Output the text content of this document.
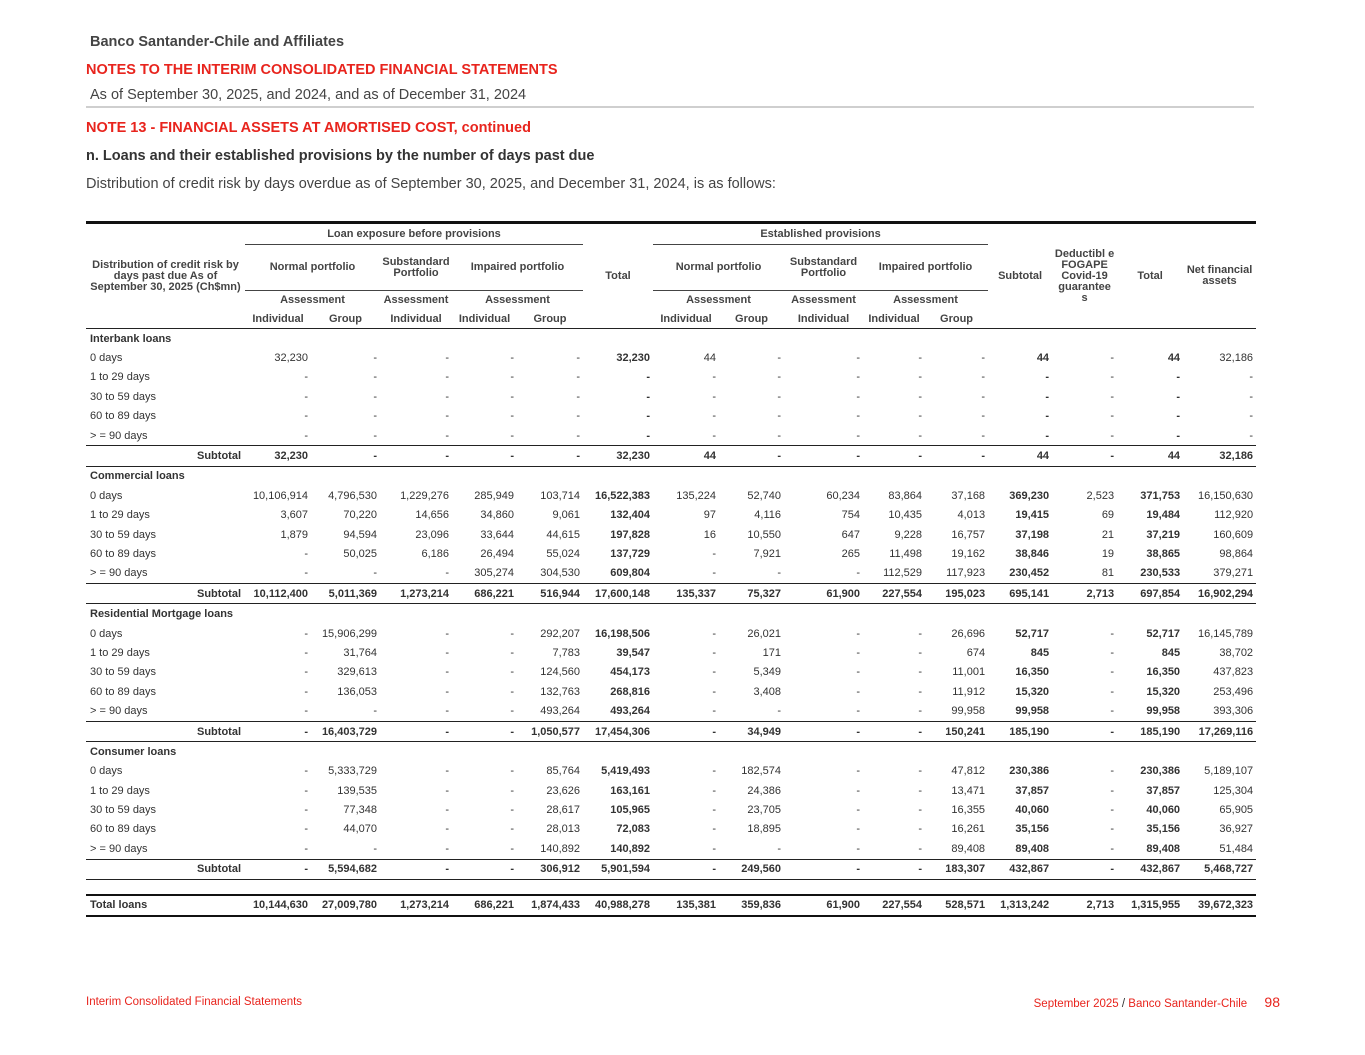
Banco Santander-Chile and Affiliates
NOTES TO THE INTERIM CONSOLIDATED FINANCIAL STATEMENTS
As of September 30, 2025, and 2024, and as of December 31, 2024
NOTE 13 - FINANCIAL ASSETS AT AMORTISED COST, continued
n. Loans and their established provisions by the number of days past due
Distribution of credit risk by days overdue as of September 30, 2025, and December 31, 2024, is as follows:
Distribution of credit risk by days past due As of September 30, 2025 (Ch$mn)	Loan exposure before provisions					Total	Established provisions					Subtotal	Deductibl e FOGAPE Covid-19 guarantee s	Total	Net financial assets
	Normal portfolio		Substandard Portfolio	Impaired portfolio			Normal portfolio		Substandard Portfolio	Impaired portfolio					
	Assessment		Assessment	Assessment			Assessment		Assessment	Assessment					
	Individual	Group	Individual	Individual	Group		Individual	Group	Individual	Individual	Group				
Interbank loans															
0 days	32,230	-	-	-	-	32,230	44	-	-	-	-	44	-	44	32,186
1 to 29 days	-	-	-	-	-	-	-	-	-	-	-	-	-	-	-
30 to 59 days	-	-	-	-	-	-	-	-	-	-	-	-	-	-	-
60 to 89 days	-	-	-	-	-	-	-	-	-	-	-	-	-	-	-
> = 90 days	-	-	-	-	-	-	-	-	-	-	-	-	-	-	-
Subtotal	32,230	-	-	-	-	32,230	44	-	-	-	-	44	-	44	32,186
Commercial loans															
0 days	10,106,914	4,796,530	1,229,276	285,949	103,714	16,522,383	135,224	52,740	60,234	83,864	37,168	369,230	2,523	371,753	16,150,630
1 to 29 days	3,607	70,220	14,656	34,860	9,061	132,404	97	4,116	754	10,435	4,013	19,415	69	19,484	112,920
30 to 59 days	1,879	94,594	23,096	33,644	44,615	197,828	16	10,550	647	9,228	16,757	37,198	21	37,219	160,609
60 to 89 days	-	50,025	6,186	26,494	55,024	137,729	-	7,921	265	11,498	19,162	38,846	19	38,865	98,864
> = 90 days	-	-	-	305,274	304,530	609,804	-	-	-	112,529	117,923	230,452	81	230,533	379,271
Subtotal	10,112,400	5,011,369	1,273,214	686,221	516,944	17,600,148	135,337	75,327	61,900	227,554	195,023	695,141	2,713	697,854	16,902,294
Residential Mortgage loans															
0 days	-	15,906,299	-	-	292,207	16,198,506	-	26,021	-	-	26,696	52,717	-	52,717	16,145,789
1 to 29 days	-	31,764	-	-	7,783	39,547	-	171	-	-	674	845	-	845	38,702
30 to 59 days	-	329,613	-	-	124,560	454,173	-	5,349	-	-	11,001	16,350	-	16,350	437,823
60 to 89 days	-	136,053	-	-	132,763	268,816	-	3,408	-	-	11,912	15,320	-	15,320	253,496
> = 90 days	-	-	-	-	493,264	493,264	-	-	-	-	99,958	99,958	-	99,958	393,306
Subtotal	-	16,403,729	-	-	1,050,577	17,454,306	-	34,949	-	-	150,241	185,190	-	185,190	17,269,116
Consumer loans															
0 days	-	5,333,729	-	-	85,764	5,419,493	-	182,574	-	-	47,812	230,386	-	230,386	5,189,107
1 to 29 days	-	139,535	-	-	23,626	163,161	-	24,386	-	-	13,471	37,857	-	37,857	125,304
30 to 59 days	-	77,348	-	-	28,617	105,965	-	23,705	-	-	16,355	40,060	-	40,060	65,905
60 to 89 days	-	44,070	-	-	28,013	72,083	-	18,895	-	-	16,261	35,156	-	35,156	36,927
> = 90 days	-	-	-	-	140,892	140,892	-	-	-	-	89,408	89,408	-	89,408	51,484
Subtotal	-	5,594,682	-	-	306,912	5,901,594	-	249,560	-	-	183,307	432,867	-	432,867	5,468,727

Total loans	10,144,630	27,009,780	1,273,214	686,221	1,874,433	40,988,278	135,381	359,836	61,900	227,554	528,571	1,313,242	2,713	1,315,955	39,672,323
Interim Consolidated Financial Statements	September 2025 / Banco Santander-Chile 98
